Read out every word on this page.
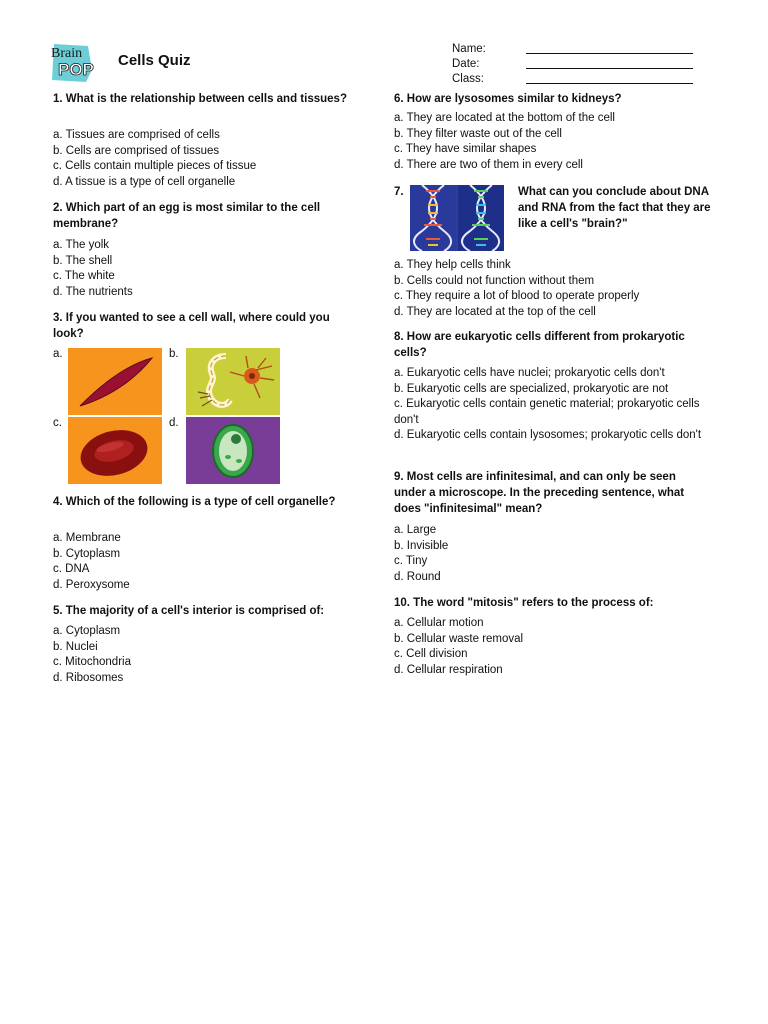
Brain
POP Cells Quiz
Name:
Date:
Class:
1. What is the relationship between cells and tissues?
a. Tissues are comprised of cells
b. Cells are comprised of tissues
c. Cells contain multiple pieces of tissue
d. A tissue is a type of cell organelle
2. Which part of an egg is most similar to the cell membrane?
a. The yolk
b. The shell
c. The white
d. The nutrients
3. If you wanted to see a cell wall, where could you look?
a.	b.
c.	d.
4. Which of the following is a type of cell organelle?
a. Membrane
b. Cytoplasm
c. DNA
d. Peroxysome
5. The majority of a cell's interior is comprised of:
a. Cytoplasm
b. Nuclei
c. Mitochondria
d. Ribosomes
6. How are lysosomes similar to kidneys?
a. They are located at the bottom of the cell
b. They filter waste out of the cell
c. They have similar shapes
d. There are two of them in every cell
7.	What can you conclude about DNA and RNA from the fact that they are like a cell's "brain?"
a. They help cells think
b. Cells could not function without them
c. They require a lot of blood to operate properly
d. They are located at the top of the cell
8. How are eukaryotic cells different from prokaryotic cells?
a. Eukaryotic cells have nuclei; prokaryotic cells don't
b. Eukaryotic cells are specialized, prokaryotic are not
c. Eukaryotic cells contain genetic material; prokaryotic cells don't
d. Eukaryotic cells contain lysosomes; prokaryotic cells don't
9. Most cells are infinitesimal, and can only be seen under a microscope. In the preceding sentence, what does "infinitesimal" mean?
a. Large
b. Invisible
c. Tiny
d. Round
10. The word "mitosis" refers to the process of:
a. Cellular motion
b. Cellular waste removal
c. Cell division
d. Cellular respiration
